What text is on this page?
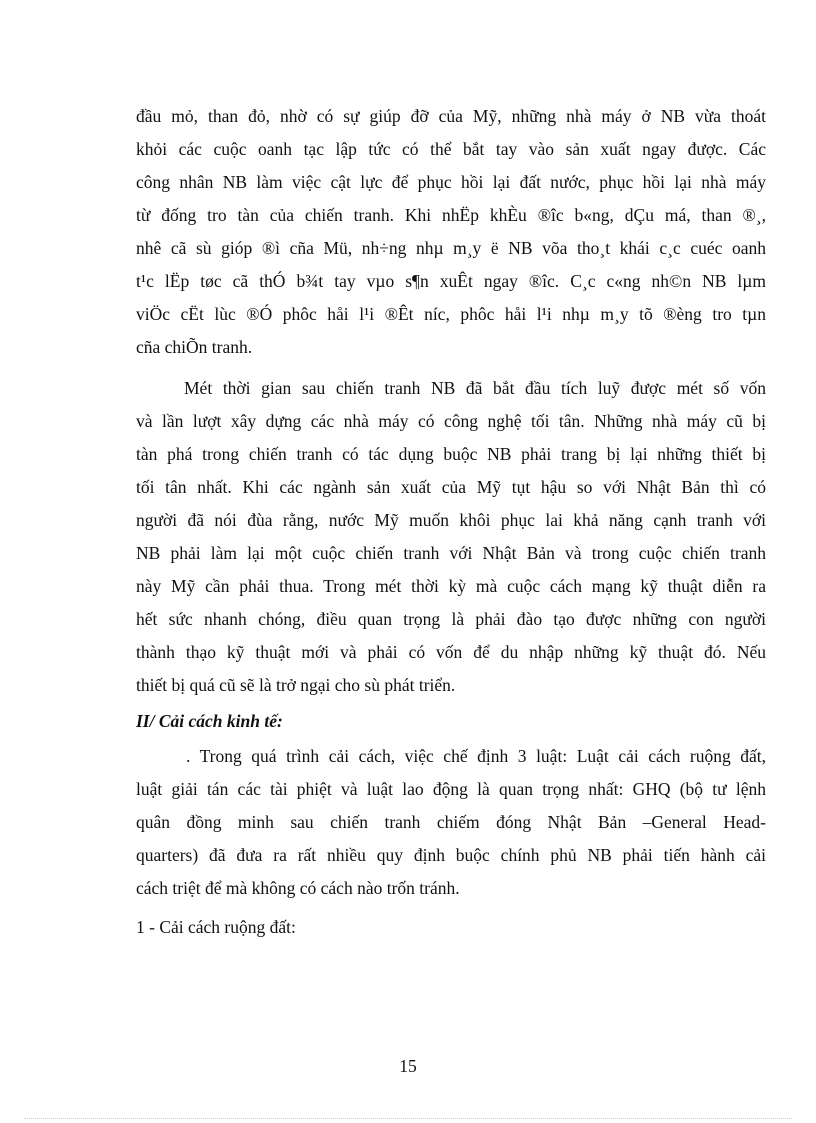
đầu mỏ, than đỏ, nhờ có sự giúp đỡ của Mỹ, những nhà máy ở NB vừa thoát
khỏi các cuộc oanh tạc lập tức có thể bắt tay vào sản xuất ngay được. Các
công nhân NB làm việc cật lực để phục hồi lại đất nước, phục hồi lại nhà máy
từ đống tro tàn của chiến tranh. Khi nhËp khÈu ®îc b«ng, dÇu má, than ®¸,
nhê cã sù gióp ®ì cña Mü, nh÷ng nhµ m¸y ë NB võa tho¸t khái c¸c cuéc oanh
t¹c lËp tøc cã thÓ b¾t tay vµo s¶n xuÊt ngay ®îc. C¸c c«ng nh©n NB lµm
viÖc cËt lùc ®Ó phôc håi l¹i ®Êt níc, phôc håi l¹i nhµ m¸y tõ ®èng tro tµn
cña chiÕn tranh.
Mét thời gian sau chiến tranh NB đã bắt đầu tích luỹ được mét số vốn
và lần lượt xây dựng các nhà máy có công nghệ tối tân. Những nhà máy cũ bị
tàn phá trong chiến tranh có tác dụng buộc NB phải trang bị lại những thiết bị
tối tân nhất. Khi các ngành sản xuất của Mỹ tụt hậu so với Nhật Bản thì có
người đã nói đùa rằng, nước Mỹ muốn khôi phục lai khả năng cạnh tranh với
NB phải làm lại một cuộc chiến tranh với Nhật Bản và trong cuộc chiến tranh
này Mỹ cần phải thua. Trong mét thời kỳ mà cuộc cách mạng kỹ thuật diễn ra
hết sức nhanh chóng, điều quan trọng là phải đào tạo được những con người
thành thạo kỹ thuật mới và phải có vốn để du nhập những kỹ thuật đó. Nếu
thiết bị quá cũ sẽ là trở ngại cho sù phát triển.

II/ Cải cách kinh tế:

. Trong quá trình cải cách, việc chế định 3 luật: Luật cải cách ruộng đất,
luật giải tán các tài phiệt và luật lao động là quan trọng nhất: GHQ (bộ tư lệnh
quân đồng minh sau chiến tranh chiếm đóng Nhật Bản –General Head-
quarters) đã đưa ra rất nhiều quy định buộc chính phủ NB phải tiến hành cải
cách triệt để mà không có cách nào trốn tránh.

1 - Cải cách ruộng đất:

15
